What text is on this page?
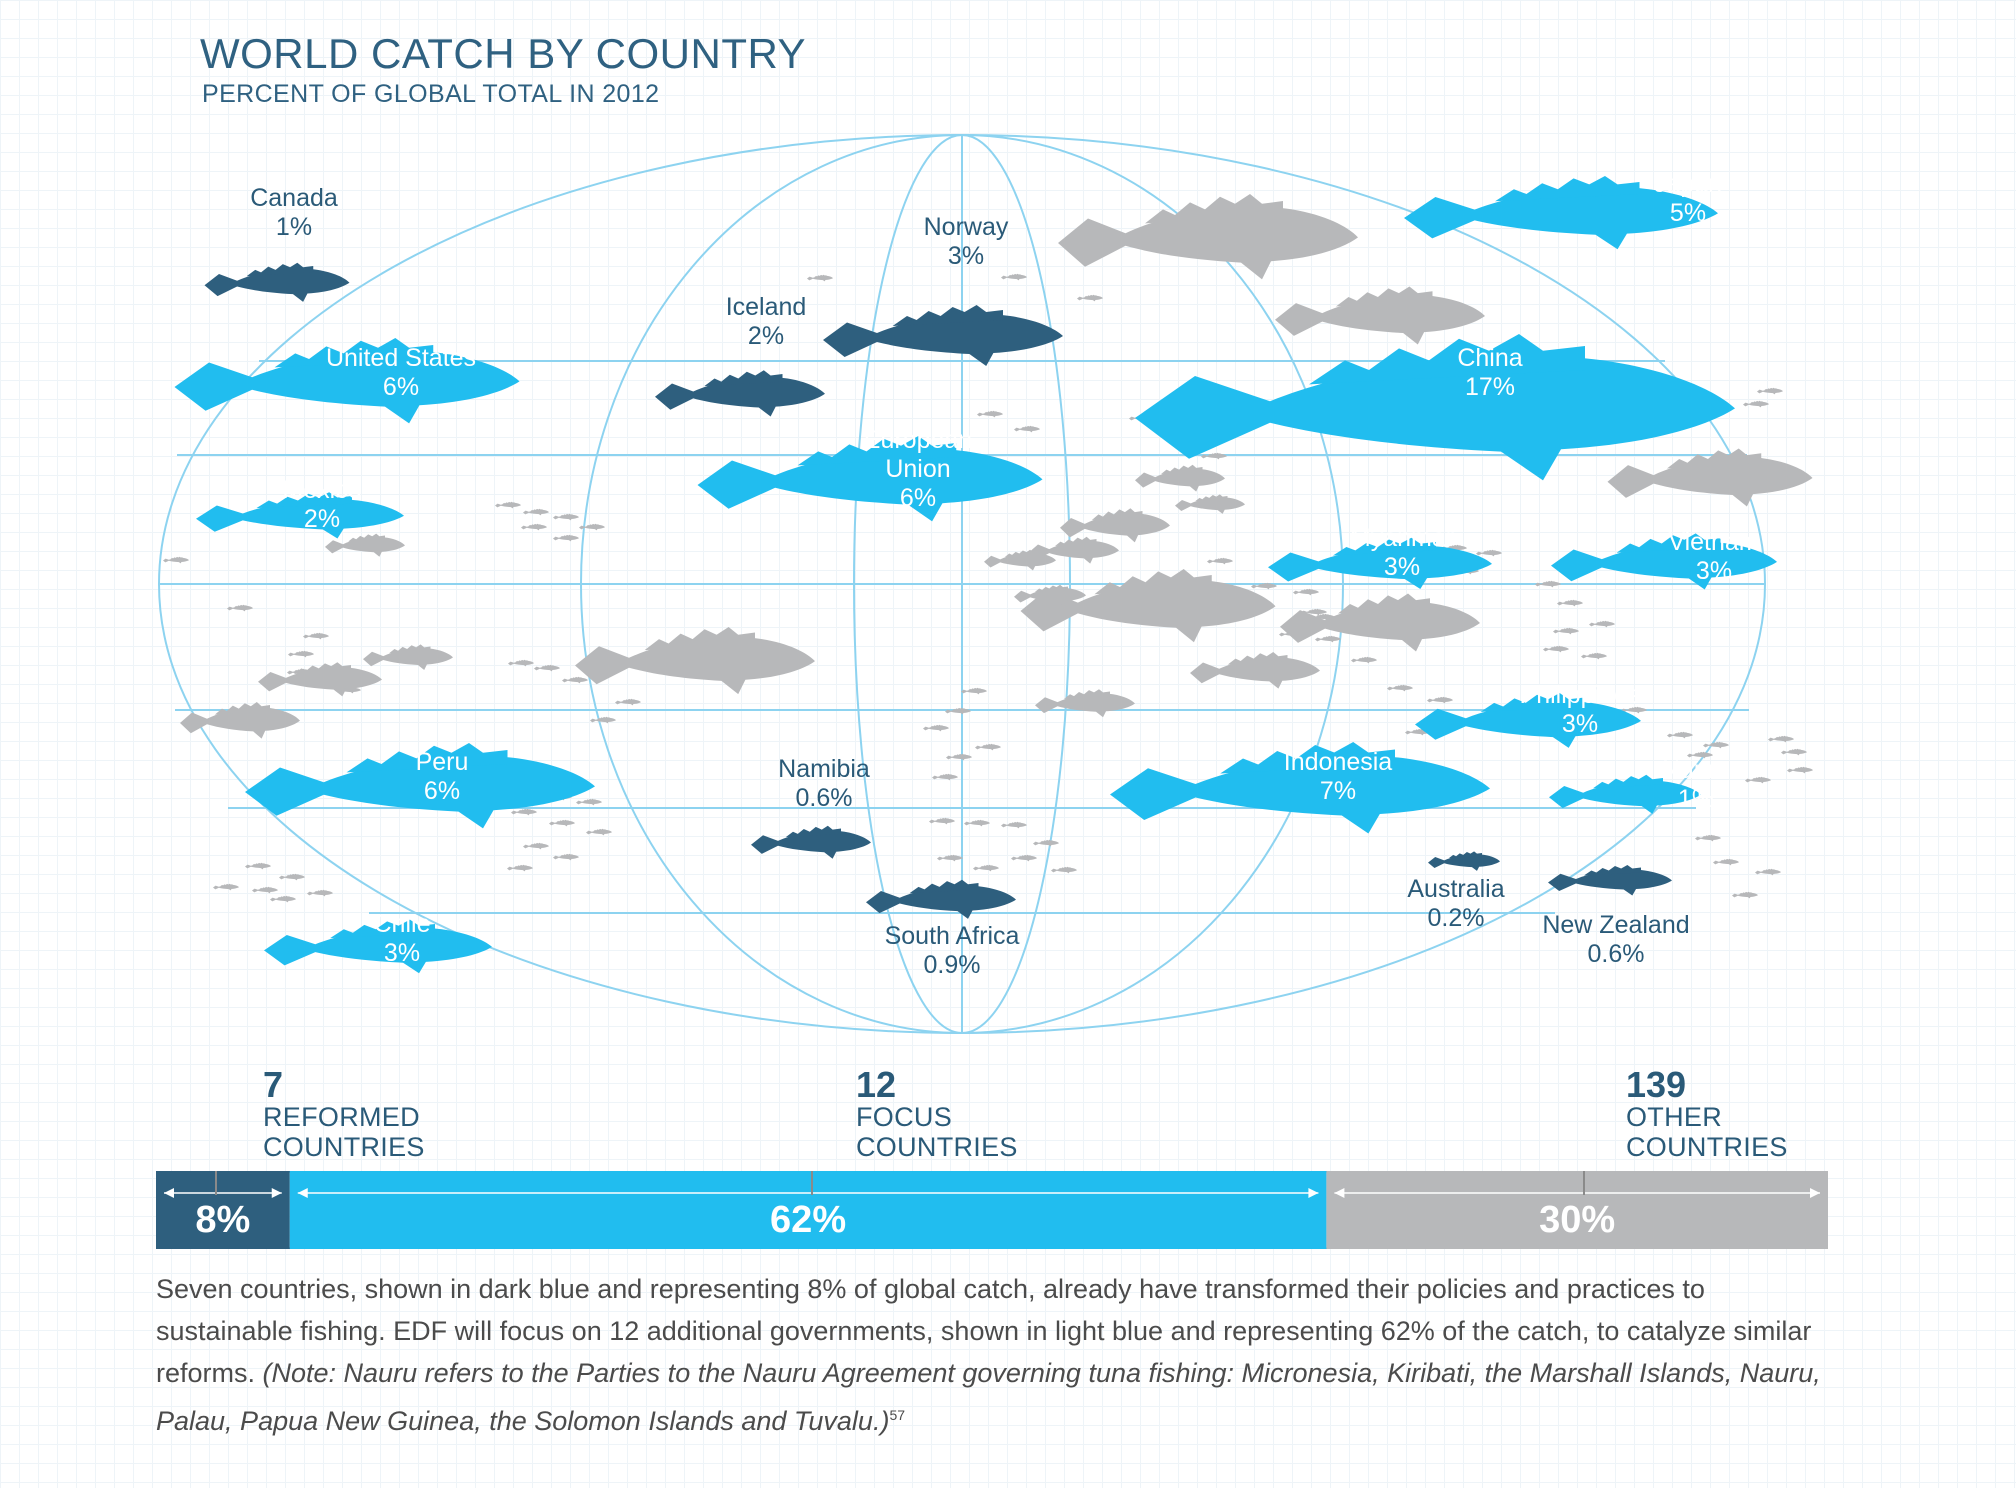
WORLD CATCH BY COUNTRY
PERCENT OF GLOBAL TOTAL IN 2012
Canada
1%
United States
6%
Mexico
2%
Peru
6%
Chile
3%
Iceland
2%
Norway
3%
European
Union
6%
Namibia
0.6%
South Africa
0.9%
Japan
5%
China
17%
Myanmar
3%
Vietnam
3%
Philippines
3%
Indonesia
7%
Nauru
1%
Australia
0.2% New Zealand
0.6%
7
REFORMED
COUNTRIES
12
FOCUS
COUNTRIES
139
OTHER
COUNTRIES
8%	62%	30%

Seven countries, shown in dark blue and representing 8% of global catch, already have transformed their policies and practices to sustainable fishing. EDF will focus on 12 additional governments, shown in light blue and representing 62% of the catch, to catalyze similar reforms. (Note: Nauru refers to the Parties to the Nauru Agreement governing tuna fishing: Micronesia, Kiribati, the Marshall Islands, Nauru, Palau, Papua New Guinea, the Solomon Islands and Tuvalu.)$^{57}$
